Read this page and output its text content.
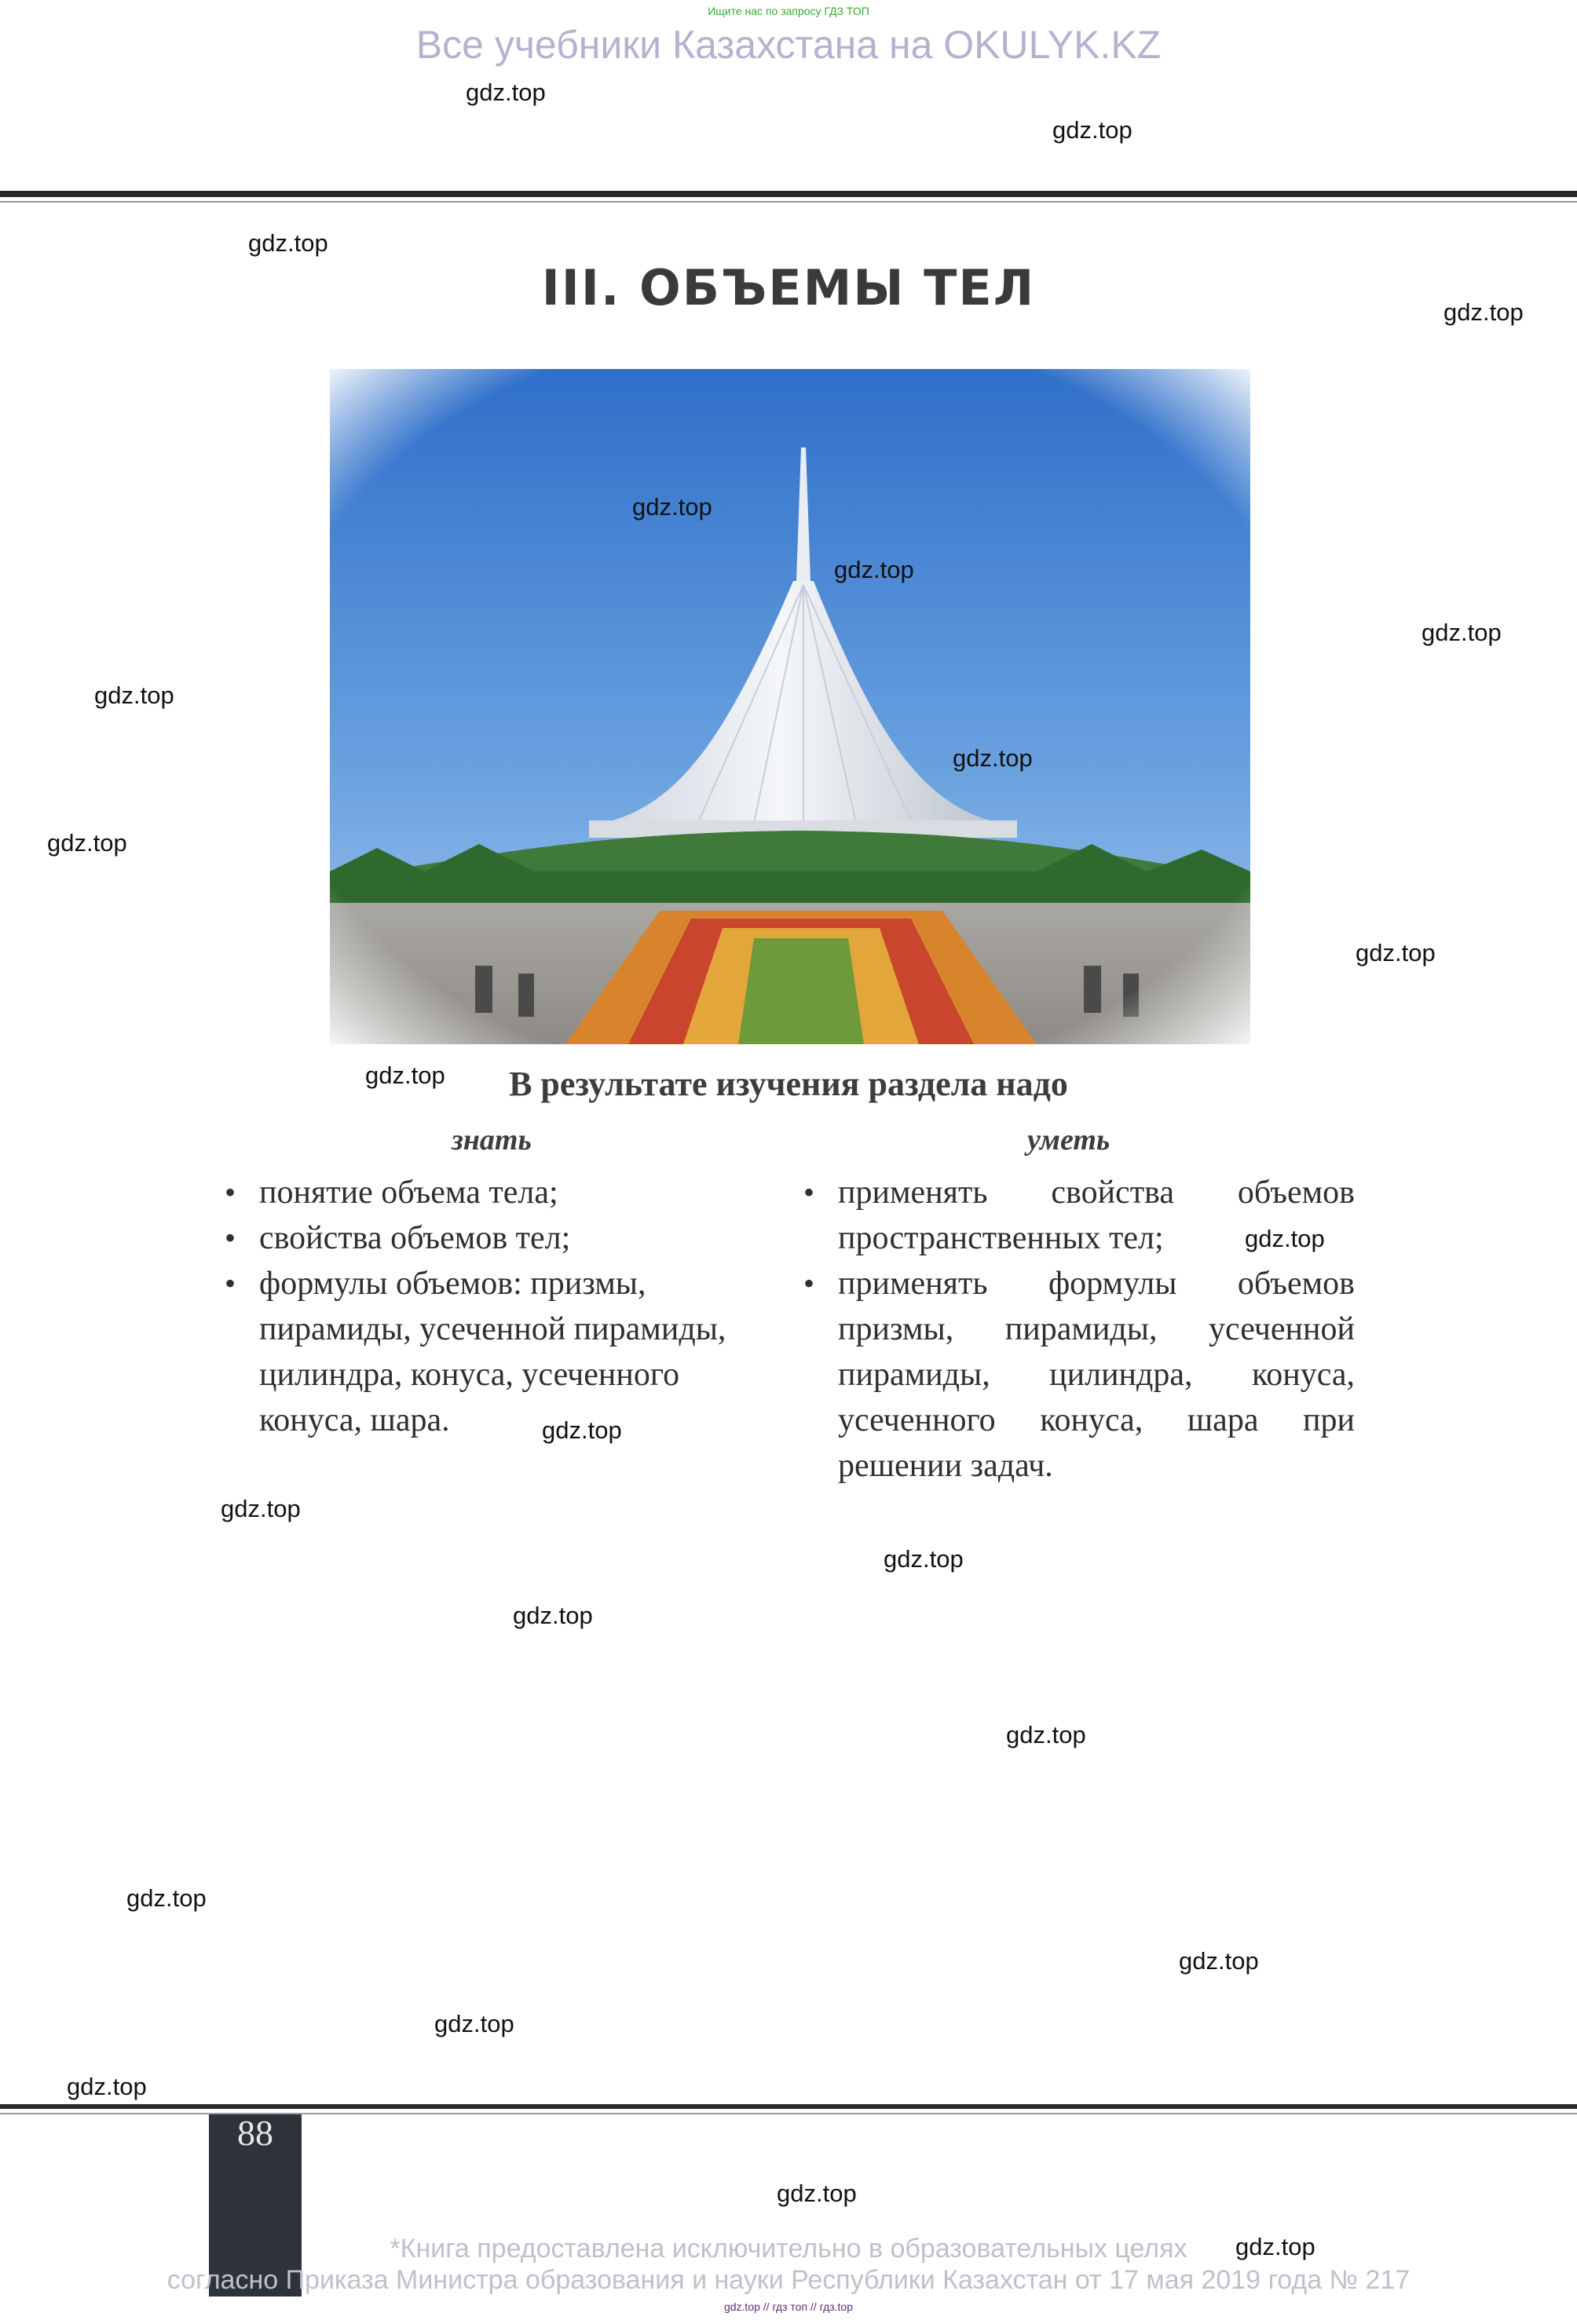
Ищите нас по запросу ГДЗ ТОП
Все учебники Казахстана на OKULYK.KZ
III. ОБЪЕМЫ ТЕЛ
В результате изучения раздела надо
знать	уметь
• понятие объема тела;
• свойства объемов тел;
• формулы объемов: призмы, пирамиды, усеченной пирамиды, цилиндра, конуса, усеченного конуса, шара.
• применять свойства объемов пространственных тел;
• применять формулы объемов призмы, пирамиды, усеченной пирамиды, цилиндра, конуса, усеченного конуса, шара при решении задач.
88
*Книга предоставлена исключительно в образовательных целях
согласно Приказа Министра образования и науки Республики Казахстан от 17 мая 2019 года № 217
gdz.top // гдз топ // гдз.top
gdz.top
gdz.top
gdz.top
gdz.top
gdz.top
gdz.top
gdz.top
gdz.top
gdz.top
gdz.top
gdz.top
gdz.top
gdz.top
gdz.top
gdz.top
gdz.top
gdz.top
gdz.top
gdz.top
gdz.top
gdz.top
gdz.top
gdz.top
gdz.top
